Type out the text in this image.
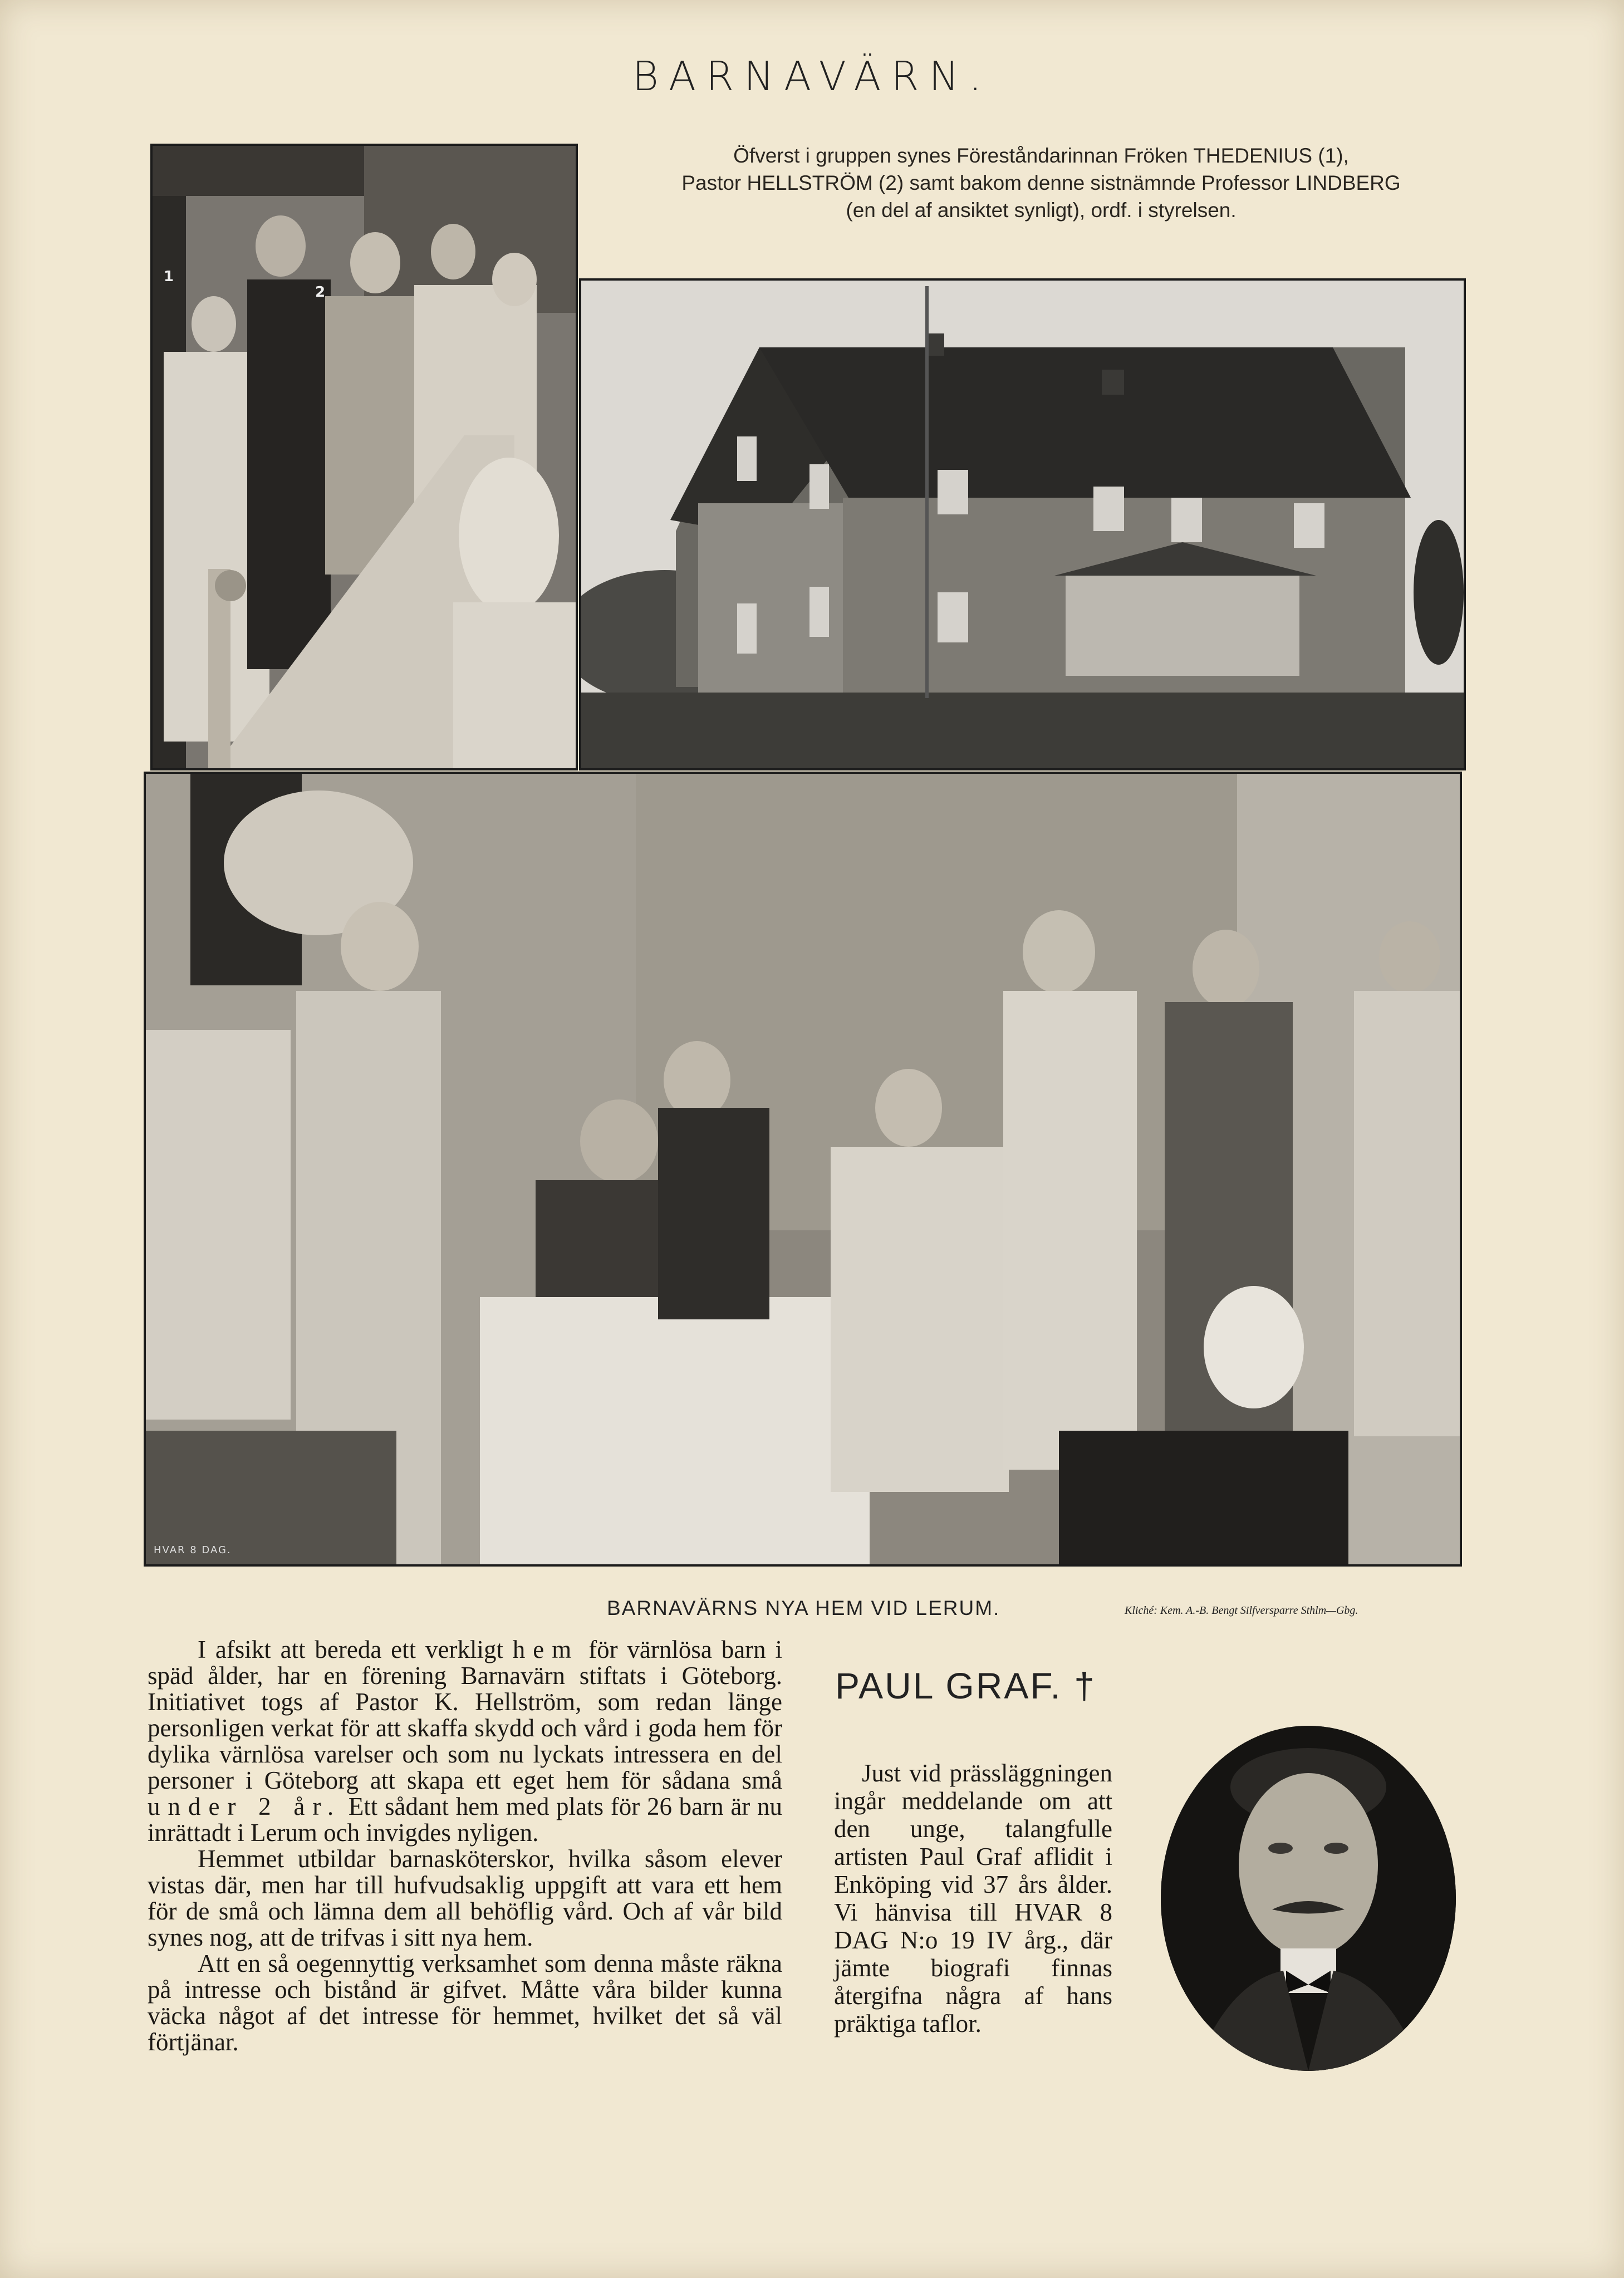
BARNAVÄRN.
Öfverst i gruppen synes Föreståndarinnan Fröken THEDENIUS (1),
Pastor HELLSTRÖM (2) samt bakom denne sistnämnde Professor LINDBERG
(en del af ansiktet synligt), ordf. i styrelsen.
1
2
HVAR 8 DAG.
BARNAVÄRNS NYA HEM VID LERUM.	Kliché: Kem. A.-B. Bengt Silfversparre Sthlm—Gbg.

I afsikt att bereda ett verkligt hem för värnlösa barn i späd ålder, har en förening Barnavärn stiftats i Göteborg. Initiativet togs af Pastor K. Hellström, som redan länge personligen verkat för att skaffa skydd och vård i goda hem för dylika värnlösa varelser och som nu lyckats intressera en del personer i Göteborg att skapa ett eget hem för sådana små under 2 år. Ett sådant hem med plats för 26 barn är nu inrättadt i Lerum och invigdes nyligen.

Hemmet utbildar barnasköterskor, hvilka såsom elever vistas där, men har till hufvudsaklig uppgift att vara ett hem för de små och lämna dem all behöflig vård. Och af vår bild synes nog, att de trifvas i sitt nya hem.

Att en så oegennyttig verksamhet som denna måste räkna på intresse och bistånd är gifvet. Måtte våra bilder kunna väcka något af det intresse för hemmet, hvilket det så väl förtjänar.

PAUL GRAF. †

Just vid prässläggningen ingår meddelande om att den unge, talangfulle artisten Paul Graf aflidit i Enköping vid 37 års ålder. Vi hänvisa till HVAR 8 DAG N:o 19 IV årg., där jämte biografi finnas återgifna några af hans präktiga taflor.
